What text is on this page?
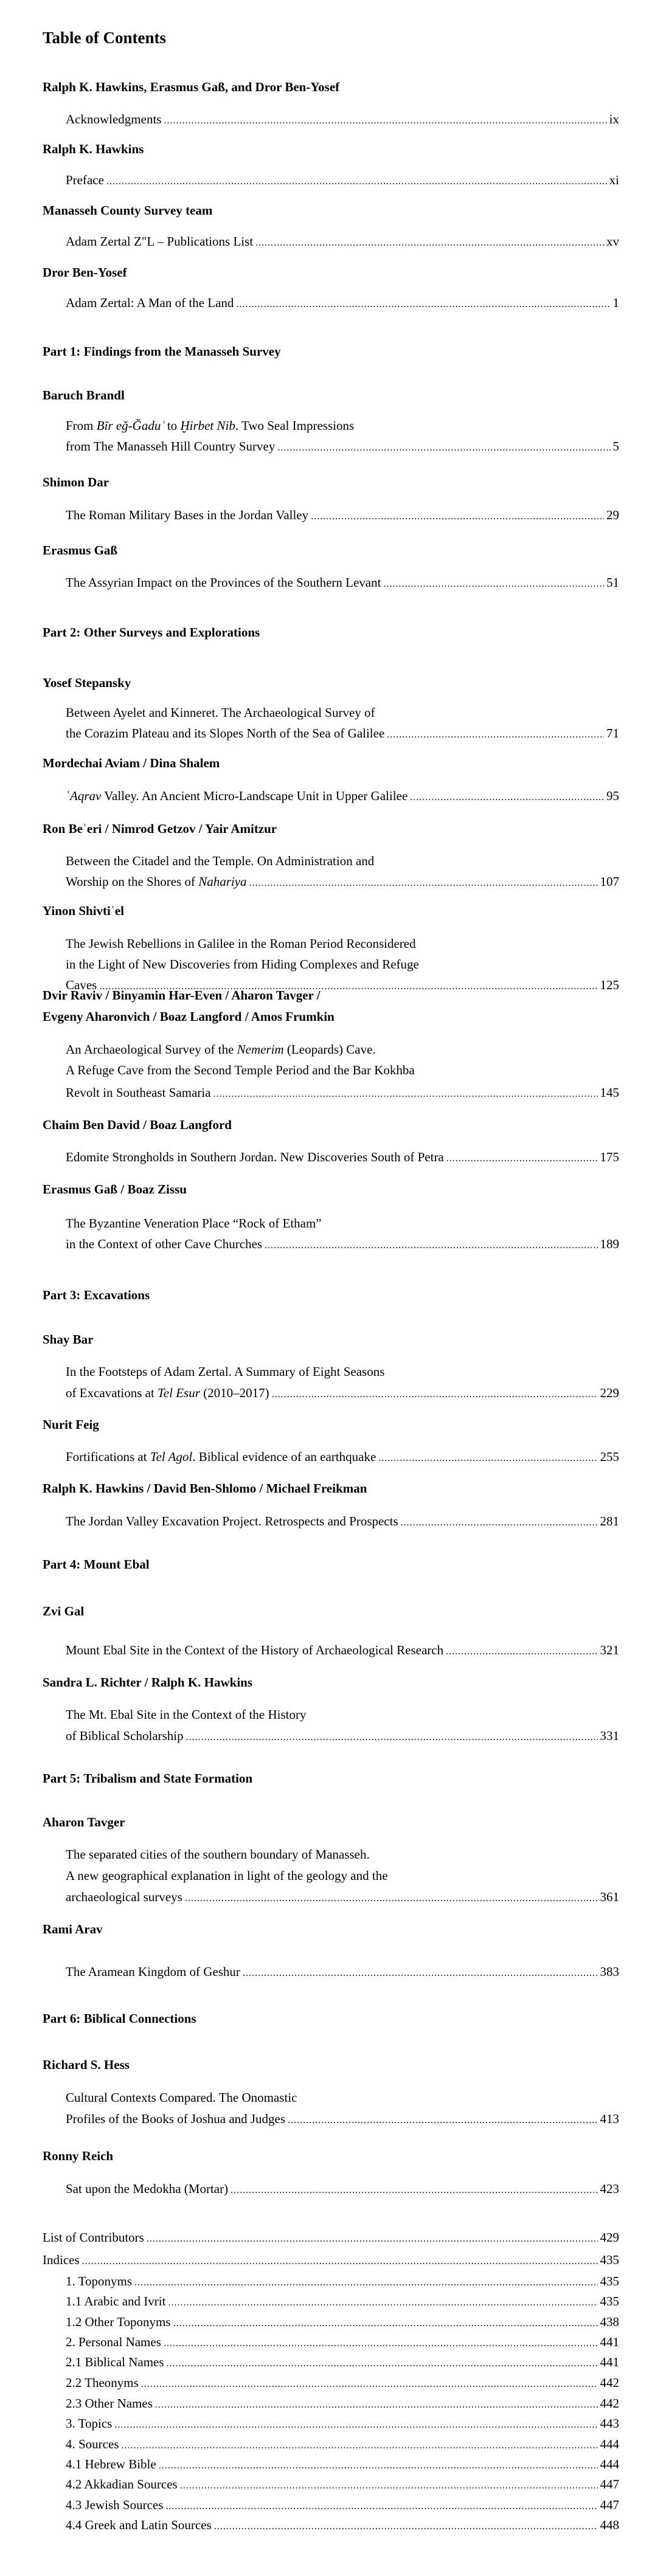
Table of Contents
Ralph K. Hawkins, Erasmus Gaß, and Dror Ben-Yosef
Acknowledgments .....	ix
Ralph K. Hawkins
Preface .....	xi
Manasseh County Survey team
Adam Zertal Z"L – Publications List .....	xv
Dror Ben-Yosef
Adam Zertal: A Man of the Land .....	1
Part 1: Findings from the Manasseh Survey
Baruch Brandl
From Bīr eğ-Ğadu ͑ to Ḫirbet Nib. Two Seal Impressions
from The Manasseh Hill Country Survey .....	5
Shimon Dar
The Roman Military Bases in the Jordan Valley .....	29
Erasmus Gaß
The Assyrian Impact on the Provinces of the Southern Levant .....	51
Part 2: Other Surveys and Explorations
Yosef Stepansky
Between Ayelet and Kinneret. The Archaeological Survey of
the Corazim Plateau and its Slopes North of the Sea of Galilee .....	71
Mordechai Aviam / Dina Shalem
ʿAqrav Valley. An Ancient Micro-Landscape Unit in Upper Galilee .....	95
Ron Beʾeri / Nimrod Getzov / Yair Amitzur
Between the Citadel and the Temple. On Administration and
Worship on the Shores of Nahariya .....	107
Yinon Shivtiʾel
The Jewish Rebellions in Galilee in the Roman Period Reconsidered
in the Light of New Discoveries from Hiding Complexes and Refuge
Caves .....	125
Dvir Raviv / Binyamin Har-Even / Aharon Tavger /
Evgeny Aharonvich / Boaz Langford / Amos Frumkin
An Archaeological Survey of the Nemerim (Leopards) Cave.
A Refuge Cave from the Second Temple Period and the Bar Kokhba
Revolt in Southeast Samaria .....	145
Chaim Ben David / Boaz Langford
Edomite Strongholds in Southern Jordan. New Discoveries South of Petra .....	175
Erasmus Gaß / Boaz Zissu
The Byzantine Veneration Place “Rock of Etham”
in the Context of other Cave Churches .....	189
Part 3: Excavations
Shay Bar
In the Footsteps of Adam Zertal. A Summary of Eight Seasons
of Excavations at Tel Esur (2010–2017) .....	229
Nurit Feig
Fortifications at Tel Agol. Biblical evidence of an earthquake .....	255
Ralph K. Hawkins / David Ben-Shlomo / Michael Freikman
The Jordan Valley Excavation Project. Retrospects and Prospects .....	281
Part 4: Mount Ebal
Zvi Gal
Mount Ebal Site in the Context of the History of Archaeological Research .....	321
Sandra L. Richter / Ralph K. Hawkins
The Mt. Ebal Site in the Context of the History
of Biblical Scholarship .....	331
Part 5: Tribalism and State Formation
Aharon Tavger
The separated cities of the southern boundary of Manasseh.
A new geographical explanation in light of the geology and the
archaeological surveys .....	361
Rami Arav
The Aramean Kingdom of Geshur .....	383
Part 6: Biblical Connections
Richard S. Hess
Cultural Contexts Compared. The Onomastic
Profiles of the Books of Joshua and Judges .....	413
Ronny Reich
Sat upon the Medokha (Mortar) .....	423
List of Contributors .....	429
Indices .....	435
1. Toponyms .....	435
1.1 Arabic and Ivrit .....	435
1.2 Other Toponyms .....	438
2. Personal Names .....	441
2.1 Biblical Names .....	441
2.2 Theonyms .....	442
2.3 Other Names .....	442
3. Topics .....	443
4. Sources .....	444
4.1 Hebrew Bible .....	444
4.2 Akkadian Sources .....	447
4.3 Jewish Sources .....	447
4.4 Greek and Latin Sources .....	448
